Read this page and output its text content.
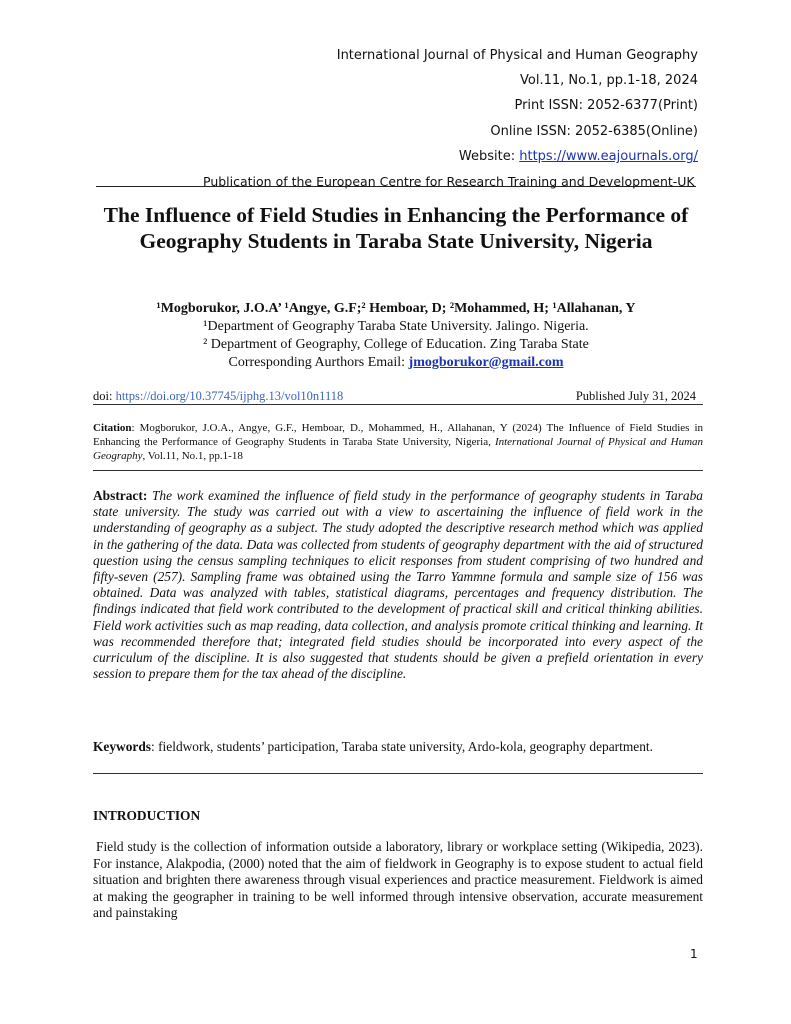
International Journal of Physical and Human Geography
Vol.11, No.1, pp.1-18, 2024
Print ISSN: 2052-6377(Print)
Online ISSN: 2052-6385(Online)
Website: https://www.eajournals.org/
Publication of the European Centre for Research Training and Development-UK
The Influence of Field Studies in Enhancing the Performance of Geography Students in Taraba State University, Nigeria
¹Mogborukor, J.O.A’ ¹Angye, G.F;² Hemboar, D; ²Mohammed, H; ¹Allahanan, Y
¹Department of Geography Taraba State University. Jalingo. Nigeria.
² Department of Geography, College of Education. Zing Taraba State
Corresponding Aurthors Email: jmogborukor@gmail.com
doi: https://doi.org/10.37745/ijphg.13/vol10n1118	Published July 31, 2024
Citation: Mogborukor, J.O.A., Angye, G.F., Hemboar, D., Mohammed, H., Allahanan, Y (2024) The Influence of Field Studies in Enhancing the Performance of Geography Students in Taraba State University, Nigeria, International Journal of Physical and Human Geography, Vol.11, No.1, pp.1-18
Abstract: The work examined the influence of field study in the performance of geography students in Taraba state university. The study was carried out with a view to ascertaining the influence of field work in the understanding of geography as a subject. The study adopted the descriptive research method which was applied in the gathering of the data. Data was collected from students of geography department with the aid of structured question using the census sampling techniques to elicit responses from student comprising of two hundred and fifty-seven (257). Sampling frame was obtained using the Tarro Yammne formula and sample size of 156 was obtained. Data was analyzed with tables, statistical diagrams, percentages and frequency distribution. The findings indicated that field work contributed to the development of practical skill and critical thinking abilities. Field work activities such as map reading, data collection, and analysis promote critical thinking and learning. It was recommended therefore that; integrated field studies should be incorporated into every aspect of the curriculum of the discipline. It is also suggested that students should be given a prefield orientation in every session to prepare them for the tax ahead of the discipline.
Keywords: fieldwork, students’ participation, Taraba state university, Ardo-kola, geography department.
INTRODUCTION
Field study is the collection of information outside a laboratory, library or workplace setting (Wikipedia, 2023). For instance, Alakpodia, (2000) noted that the aim of fieldwork in Geography is to expose student to actual field situation and brighten there awareness through visual experiences and practice measurement. Fieldwork is aimed at making the geographer in training to be well informed through intensive observation, accurate measurement and painstaking
1
